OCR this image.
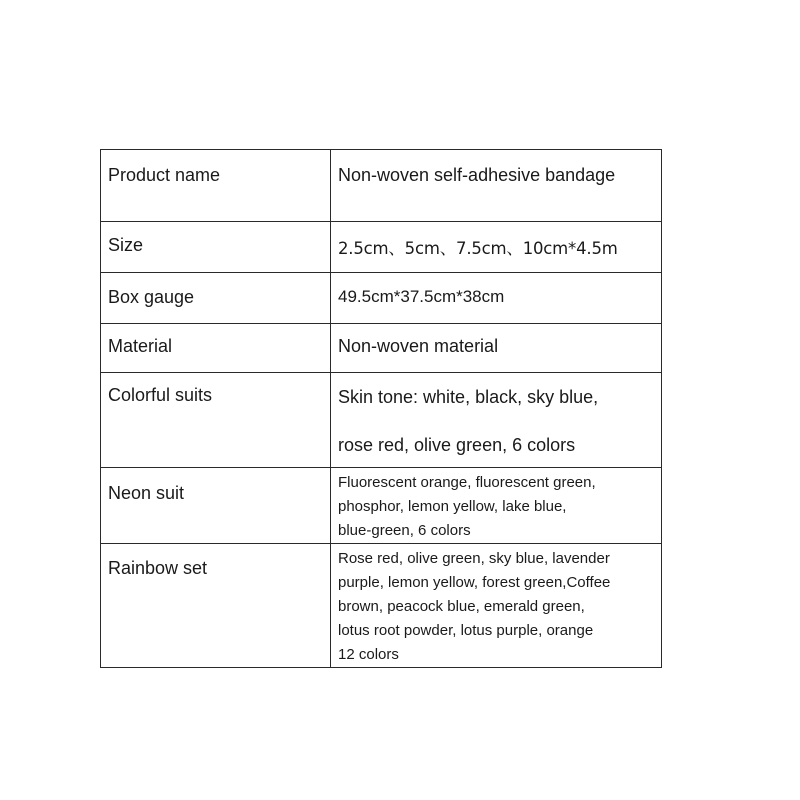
Product name	Non-woven self-adhesive bandage

Size	2.5cm、5cm、7.5cm、10cm*4.5m

Box gauge	49.5cm*37.5cm*38cm

Material	Non-woven material

Colorful suits	Skin tone: white, black, sky blue,
rose red, olive green, 6 colors

Neon suit	Fluorescent orange, fluorescent green,
phosphor, lemon yellow, lake blue,
blue-green, 6 colors

Rainbow set	Rose red, olive green, sky blue, lavender
purple, lemon yellow, forest green,Coffee
brown, peacock blue, emerald green,
lotus root powder, lotus purple, orange
12 colors
